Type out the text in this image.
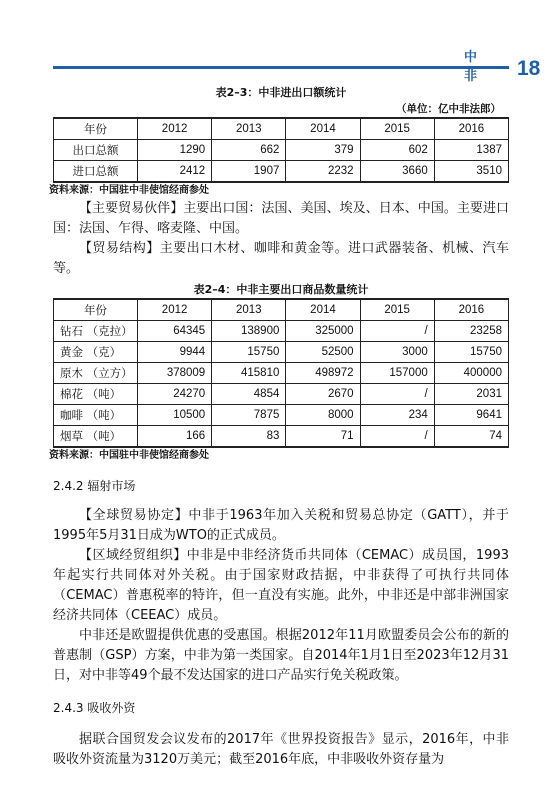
中 非	18
表2–3：中非进出口额统计
（单位：亿中非法郎）
年份	2012	2013	2014	2015	2016
出口总额	1290	662	379	602	1387
进口总额	2412	1907	2232	3660	3510
资料来源：中国驻中非使馆经商参处

【主要贸易伙伴】主要出口国：法国、美国、埃及、日本、中国。主要进口国：法国、乍得、喀麦隆、中国。

【贸易结构】主要出口木材、咖啡和黄金等。进口武器装备、机械、汽车等。

表2–4：中非主要出口商品数量统计
年份	2012	2013	2014	2015	2016
钻石 （克拉）	64345	138900	325000	/	23258
黄金 （克）	9944	15750	52500	3000	15750
原木 （立方）	378009	415810	498972	157000	400000
棉花 （吨）	24270	4854	2670	/	2031
咖啡 （吨）	10500	7875	8000	234	9641
烟草 （吨）	166	83	71	/	74
资料来源：中国驻中非使馆经商参处
2.4.2 辐射市场

【全球贸易协定】中非于1963年加入关税和贸易总协定（GATT），并于1995年5月31日成为WTO的正式成员。

【区域经贸组织】中非是中非经济货币共同体（CEMAC）成员国，1993年起实行共同体对外关税。由于国家财政拮据，中非获得了可执行共同体（CEMAC）普惠税率的特许，但一直没有实施。此外，中非还是中部非洲国家经济共同体（CEEAC）成员。

中非还是欧盟提供优惠的受惠国。根据2012年11月欧盟委员会公布的新的普惠制（GSP）方案，中非为第一类国家。自2014年1月1日至2023年12月31日，对中非等49个最不发达国家的进口产品实行免关税政策。

2.4.3 吸收外资

据联合国贸发会议发布的2017年《世界投资报告》显示，2016年，中非吸收外资流量为3120万美元；截至2016年底，中非吸收外资存量为
